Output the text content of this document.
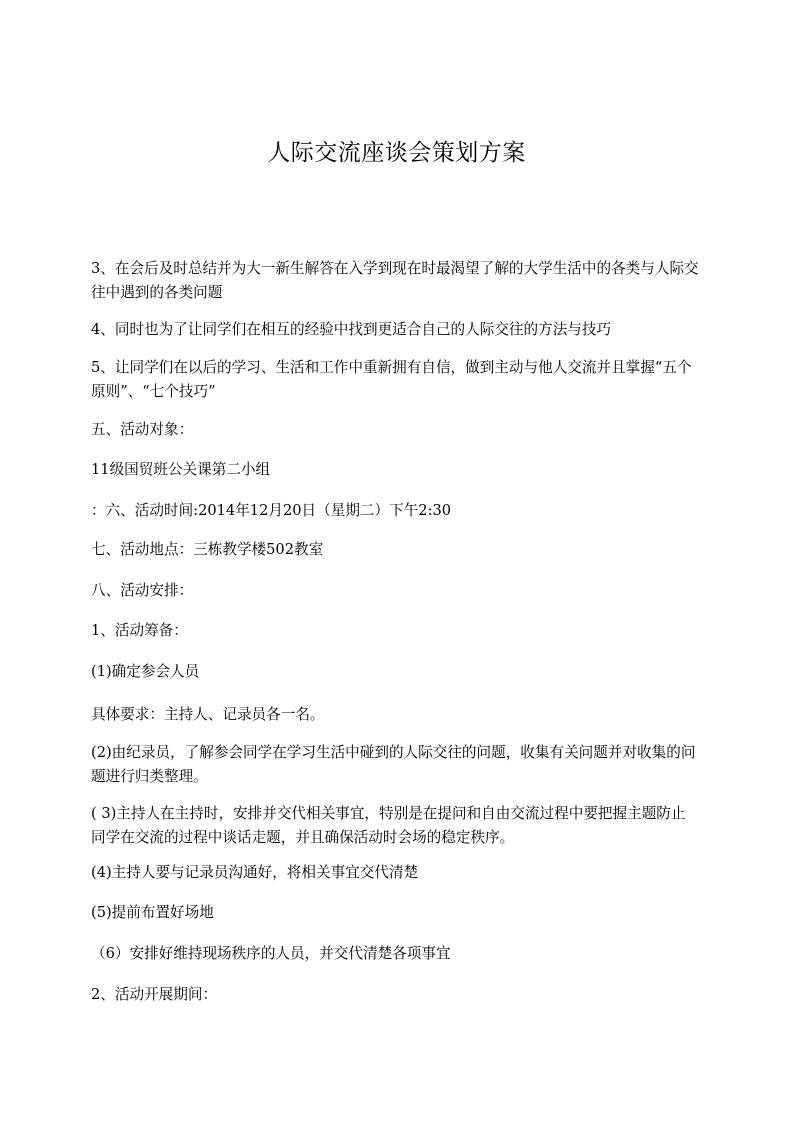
人际交流座谈会策划方案

3、在会后及时总结并为大一新生解答在入学到现在时最渴望了解的大学生活中的各类与人际交往中遇到的各类问题

4、同时也为了让同学们在相互的经验中找到更适合自己的人际交往的方法与技巧

5、让同学们在以后的学习、生活和工作中重新拥有自信，做到主动与他人交流并且掌握“五个原则”、“七个技巧”

五、活动对象：

11级国贸班公关课第二小组

：六、活动时间:2014年12月20日（星期二）下午2:30

七、活动地点：三栋教学楼502教室

八、活动安排：

1、活动筹备：

(1)确定参会人员

具体要求：主持人、记录员各一名。

(2)由纪录员，了解参会同学在学习生活中碰到的人际交往的问题，收集有关问题并对收集的问题进行归类整理。

( 3)主持人在主持时，安排并交代相关事宜，特别是在提问和自由交流过程中要把握主题防止同学在交流的过程中谈话走题，并且确保活动时会场的稳定秩序。

(4)主持人要与记录员沟通好，将相关事宜交代清楚

(5)提前布置好场地

（6）安排好维持现场秩序的人员，并交代清楚各项事宜

2、活动开展期间：
